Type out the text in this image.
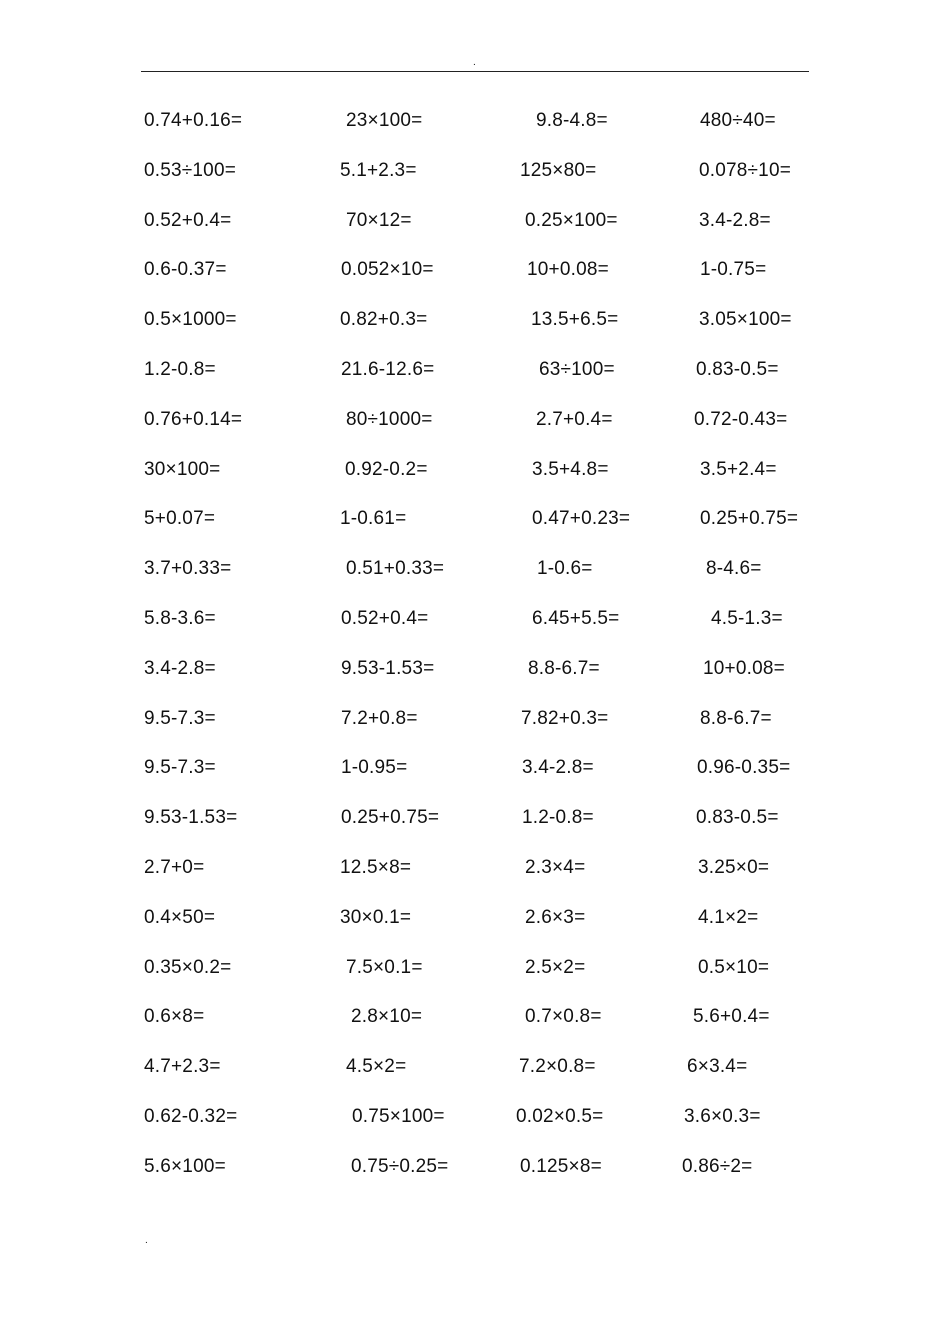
.
0.74+0.16=	23×100=	9.8-4.8=	480÷40=
0.53÷100=	5.1+2.3=	125×80=	0.078÷10=
0.52+0.4=	70×12=	0.25×100=	3.4-2.8=
0.6-0.37=	0.052×10=	10+0.08=	1-0.75=
0.5×1000=	0.82+0.3=	13.5+6.5=	3.05×100=
1.2-0.8=	21.6-12.6=	63÷100=	0.83-0.5=
0.76+0.14=	80÷1000=	2.7+0.4=	0.72-0.43=
30×100=	0.92-0.2=	3.5+4.8=	3.5+2.4=
5+0.07=	1-0.61=	0.47+0.23=	0.25+0.75=
3.7+0.33=	0.51+0.33=	1-0.6=	8-4.6=
5.8-3.6=	0.52+0.4=	6.45+5.5=	4.5-1.3=
3.4-2.8=	9.53-1.53=	8.8-6.7=	10+0.08=
9.5-7.3=	7.2+0.8=	7.82+0.3=	8.8-6.7=
9.5-7.3=	1-0.95=	3.4-2.8=	0.96-0.35=
9.53-1.53=	0.25+0.75=	1.2-0.8=	0.83-0.5=
2.7+0=	12.5×8=	2.3×4=	3.25×0=
0.4×50=	30×0.1=	2.6×3=	4.1×2=
0.35×0.2=	7.5×0.1=	2.5×2=	0.5×10=
0.6×8=	2.8×10=	0.7×0.8=	5.6+0.4=
4.7+2.3=	4.5×2=	7.2×0.8=	6×3.4=
0.62-0.32=	0.75×100=	0.02×0.5=	3.6×0.3=
5.6×100=	0.75÷0.25=	0.125×8=	0.86÷2=
.
